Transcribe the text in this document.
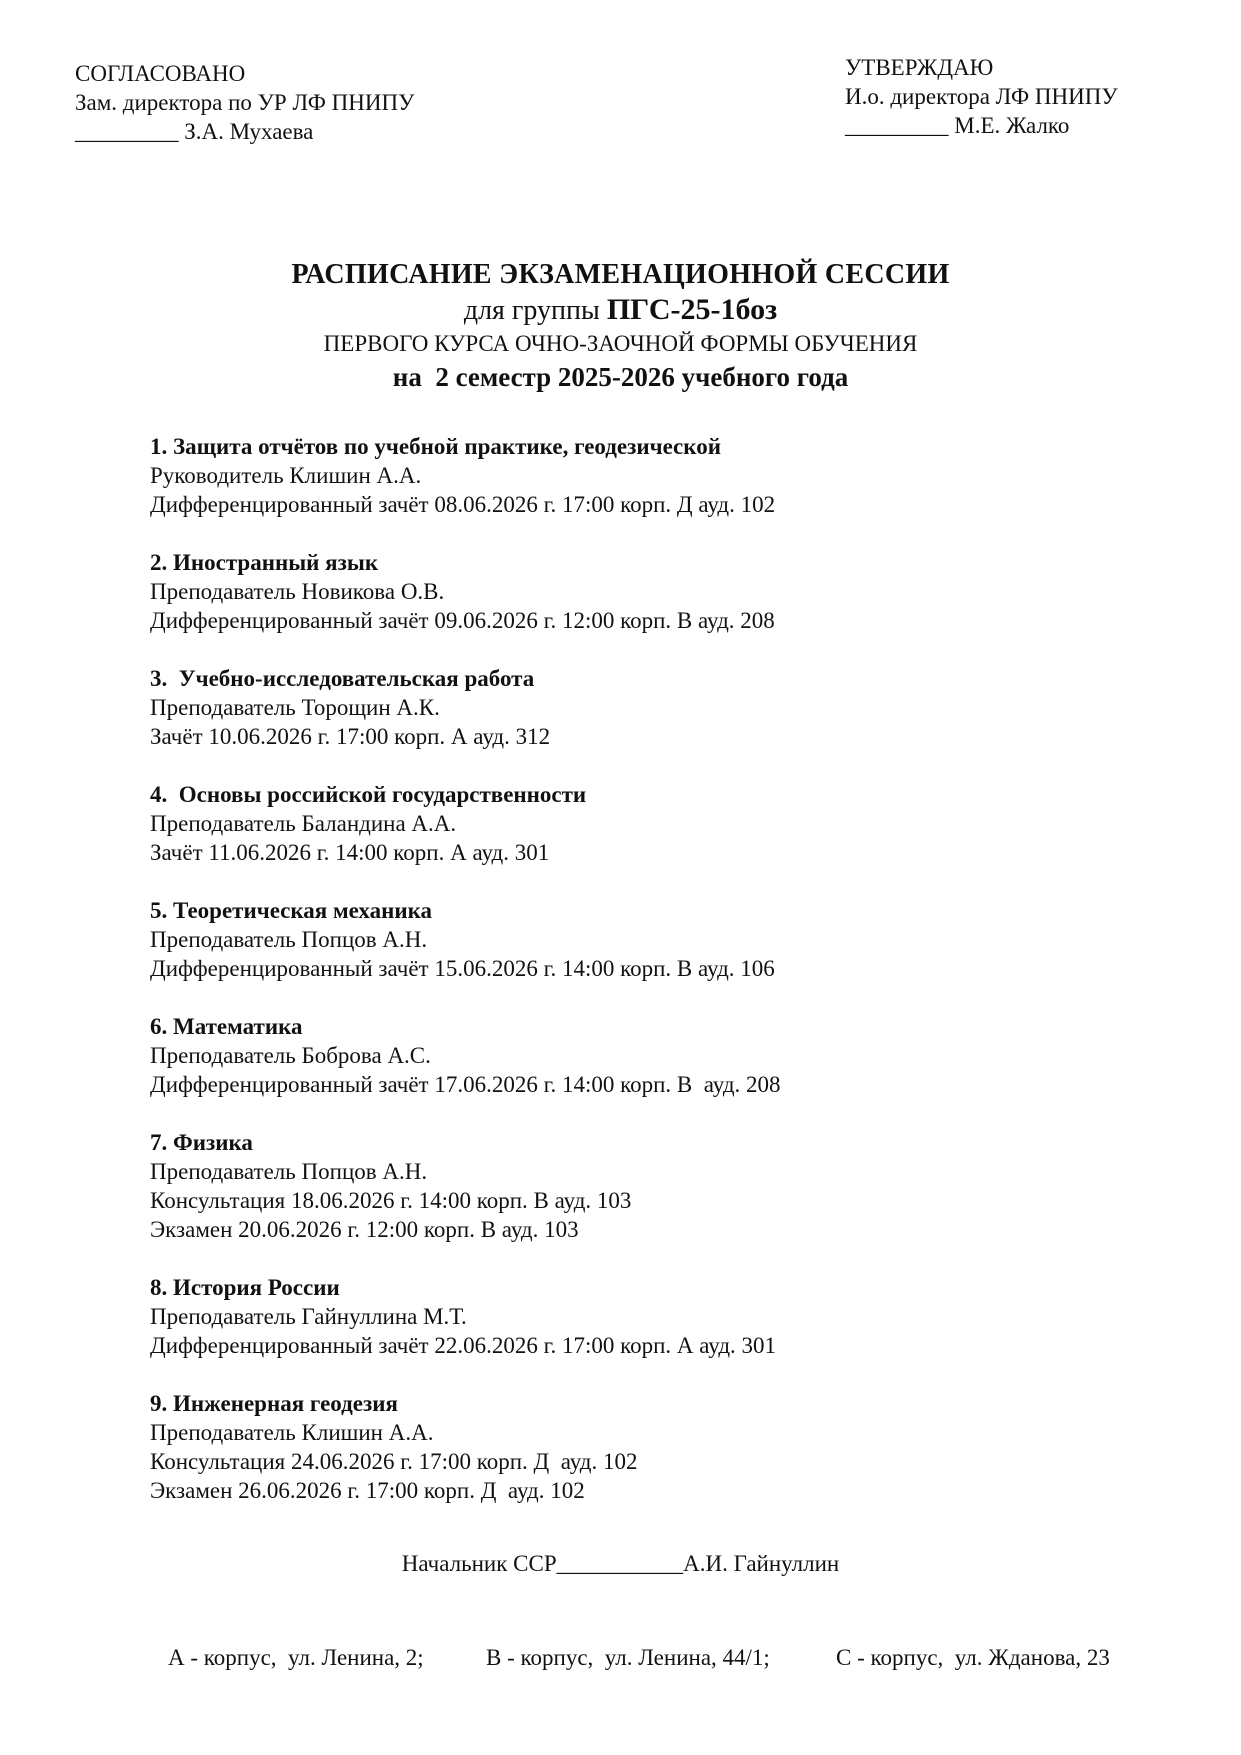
СОГЛАСОВАНО
Зам. директора по УР ЛФ ПНИПУ
_________ З.А. Мухаева
УТВЕРЖДАЮ
И.о. директора ЛФ ПНИПУ
_________ М.Е. Жалко
РАСПИСАНИЕ ЭКЗАМЕНАЦИОННОЙ СЕССИИ
для группы ПГС-25-1боз
ПЕРВОГО КУРСА ОЧНО-ЗАОЧНОЙ ФОРМЫ ОБУЧЕНИЯ
на  2 семестр 2025-2026 учебного года
1. Защита отчётов по учебной практике, геодезической
Руководитель Клишин А.А.
Дифференцированный зачёт 08.06.2026 г. 17:00 корп. Д ауд. 102
2. Иностранный язык
Преподаватель Новикова О.В.
Дифференцированный зачёт 09.06.2026 г. 12:00 корп. В ауд. 208
3.  Учебно-исследовательская работа
Преподаватель Торощин А.К.
Зачёт 10.06.2026 г. 17:00 корп. А ауд. 312
4.  Основы российской государственности
Преподаватель Баландина А.А.
Зачёт 11.06.2026 г. 14:00 корп. А ауд. 301
5. Теоретическая механика
Преподаватель Попцов А.Н.
Дифференцированный зачёт 15.06.2026 г. 14:00 корп. В ауд. 106
6. Математика
Преподаватель Боброва А.С.
Дифференцированный зачёт 17.06.2026 г. 14:00 корп. В  ауд. 208
7. Физика
Преподаватель Попцов А.Н.
Консультация 18.06.2026 г. 14:00 корп. В ауд. 103
Экзамен 20.06.2026 г. 12:00 корп. В ауд. 103
8. История России
Преподаватель Гайнуллина М.Т.
Дифференцированный зачёт 22.06.2026 г. 17:00 корп. А ауд. 301
9. Инженерная геодезия
Преподаватель Клишин А.А.
Консультация 24.06.2026 г. 17:00 корп. Д  ауд. 102
Экзамен 26.06.2026 г. 17:00 корп. Д  ауд. 102
Начальник ССР___________А.И. Гайнуллин

А - корпус,  ул. Ленина, 2;	В - корпус,  ул. Ленина, 44/1;	С - корпус,  ул. Жданова, 23
